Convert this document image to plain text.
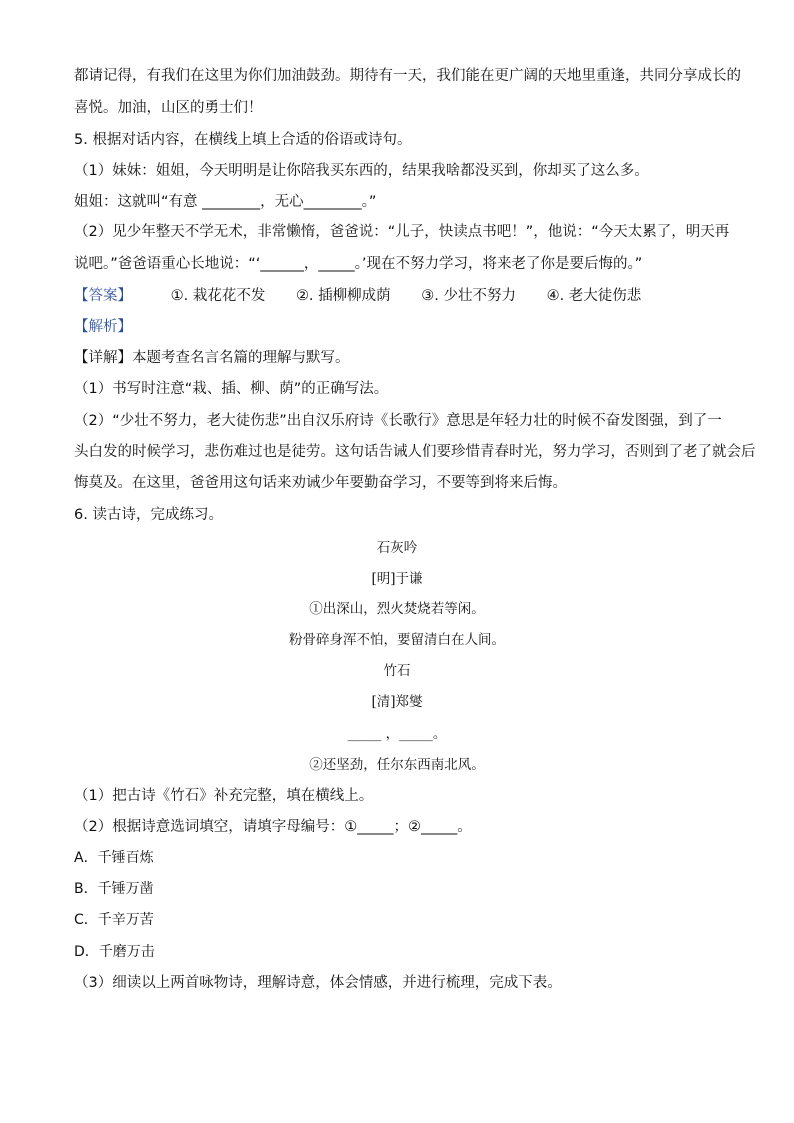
都请记得，有我们在这里为你们加油鼓劲。期待有一天，我们能在更广阔的天地里重逢，共同分享成长的
喜悦。加油，山区的勇士们！
5. 根据对话内容，在横线上填上合适的俗语或诗句。
（1）妹妹：姐姐，今天明明是让你陪我买东西的，结果我啥都没买到，你却买了这么多。
姐姐：这就叫“有意 ________，无心________。”
（2）见少年整天不学无术，非常懒惰，爸爸说：“儿子，快读点书吧！”，他说：“今天太累了，明天再
说吧。”爸爸语重心长地说：“‘______，_____。’现在不努力学习，将来老了你是要后悔的。”
【答案】	①. 栽花花不发 ②. 插柳柳成荫 ③. 少壮不努力 ④. 老大徒伤悲
【解析】
【详解】本题考查名言名篇的理解与默写。
（1）书写时注意“栽、插、柳、荫”的正确写法。
（2）“少壮不努力，老大徒伤悲”出自汉乐府诗《长歌行》意思是年轻力壮的时候不奋发图强，到了一
头白发的时候学习，悲伤难过也是徒劳。这句话告诫人们要珍惜青春时光，努力学习，否则到了老了就会后
悔莫及。在这里，爸爸用这句话来劝诫少年要勤奋学习，不要等到将来后悔。
6. 读古诗，完成练习。
石灰吟
[明]于谦
①出深山，烈火焚烧若等闲。
粉骨碎身浑不怕，要留清白在人间。
竹石
[清]郑燮
_____ ，_____。
②还坚劲，任尔东西南北风。
（1）把古诗《竹石》补充完整，填在横线上。
（2）根据诗意选词填空，请填字母编号：①_____；②_____。
A．千锤百炼
B．千锤万凿
C．千辛万苦
D．千磨万击
（3）细读以上两首咏物诗，理解诗意，体会情感，并进行梳理，完成下表。
